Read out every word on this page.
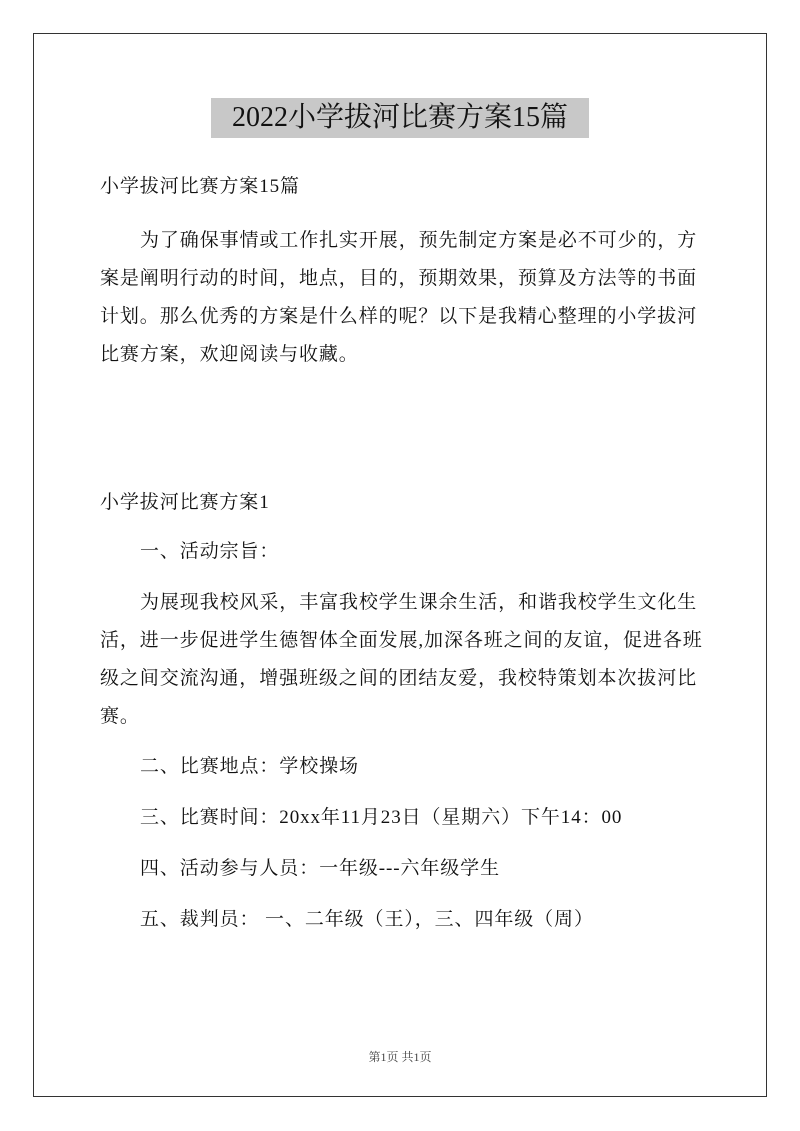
2022小学拔河比赛方案15篇
小学拔河比赛方案15篇
为了确保事情或工作扎实开展，预先制定方案是必不可少的，方
案是阐明行动的时间，地点，目的，预期效果，预算及方法等的书面
计划。那么优秀的方案是什么样的呢？以下是我精心整理的小学拔河
比赛方案，欢迎阅读与收藏。
小学拔河比赛方案1
一、活动宗旨：
为展现我校风采，丰富我校学生课余生活，和谐我校学生文化生
活，进一步促进学生德智体全面发展,加深各班之间的友谊，促进各班
级之间交流沟通，增强班级之间的团结友爱，我校特策划本次拔河比
赛。
二、比赛地点：学校操场
三、比赛时间：20xx年11月23日（星期六）下午14：00
四、活动参与人员：一年级---六年级学生
五、裁判员： 一、二年级（王），三、四年级（周）
第1页 共1页
